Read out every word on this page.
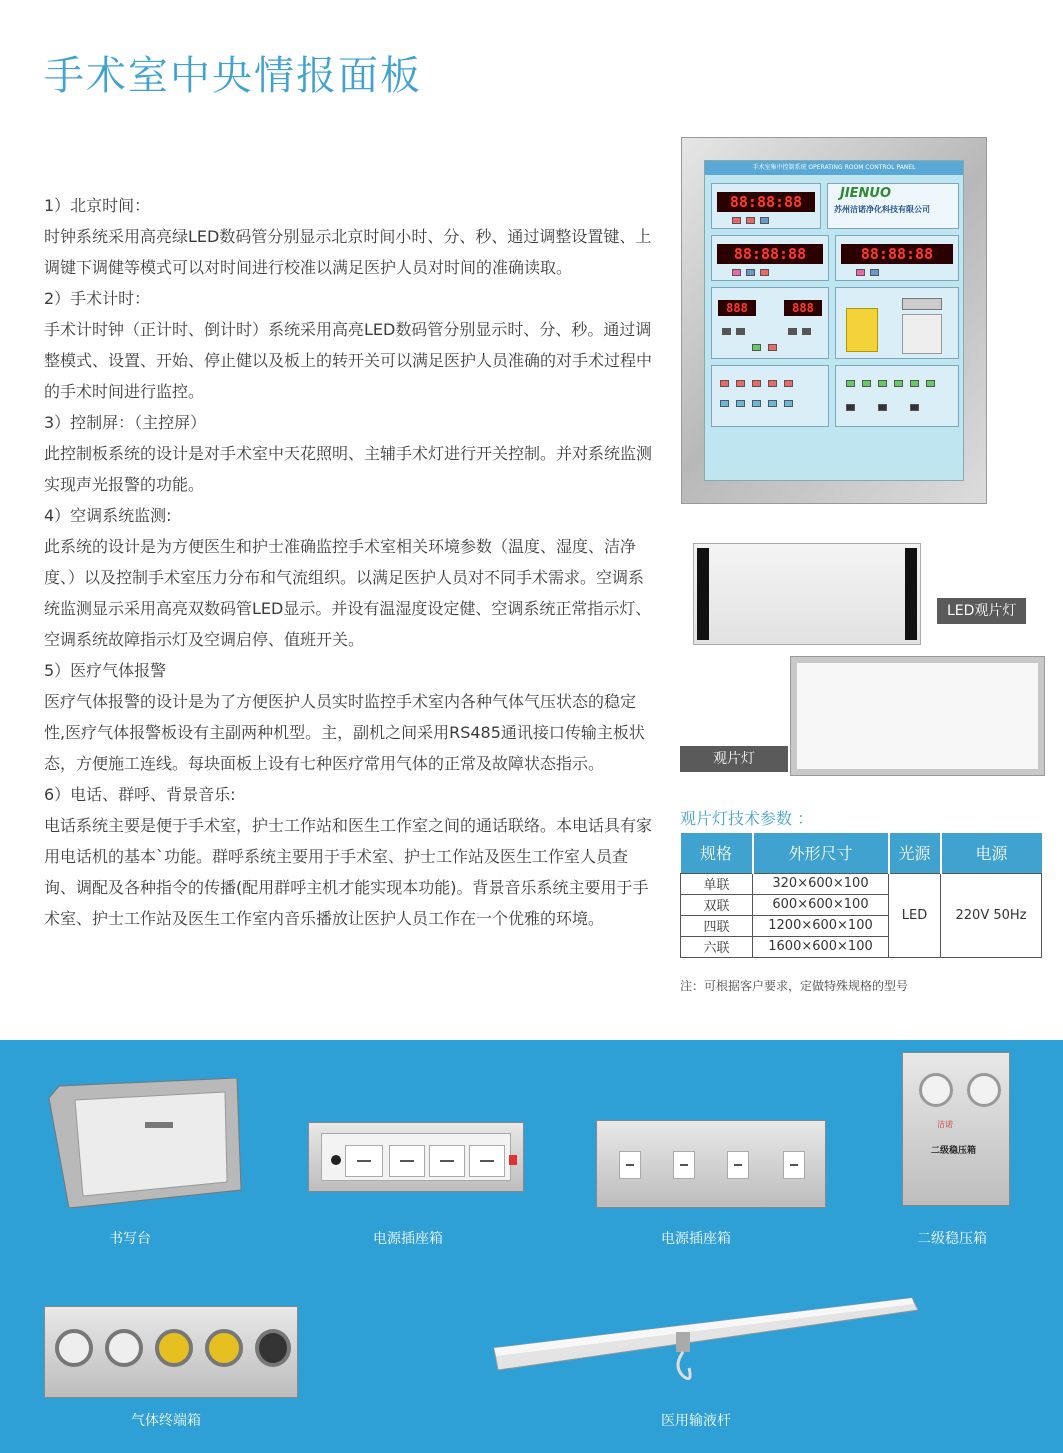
手术室中央情报面板
1）北京时间：
时钟系统采用高亮绿LED数码管分别显示北京时间小时、分、秒、通过调整设置键、上调键下调健等模式可以对时间进行校准以满足医护人员对时间的准确读取。
2）手术计时：
手术计时钟（正计时、倒计时）系统采用高亮LED数码管分别显示时、分、秒。通过调整模式、设置、开始、停止健以及板上的转开关可以满足医护人员准确的对手术过程中的手术时间进行监控。
3）控制屏：（主控屏）
此控制板系统的设计是对手术室中天花照明、主辅手术灯进行开关控制。并对系统监测实现声光报警的功能。
4）空调系统监测:
此系统的设计是为方便医生和护士准确监控手术室相关环境参数（温度、湿度、洁净度、）以及控制手术室压力分布和气流组织。以满足医护人员对不同手术需求。空调系统监测显示采用高亮双数码管LED显示。并设有温湿度设定健、空调系统正常指示灯、空调系统故障指示灯及空调启停、值班开关。
5）医疗气体报警
医疗气体报警的设计是为了方便医护人员实时监控手术室内各种气体气压状态的稳定性,医疗气体报警板设有主副两种机型。主，副机之间采用RS485通讯接口传输主板状态，方便施工连线。每块面板上设有七种医疗常用气体的正常及故障状态指示。
6）电话、群呼、背景音乐:
电话系统主要是便于手术室，护士工作站和医生工作室之间的通话联络。本电话具有家用电话机的基本`功能。群呼系统主要用于手术室、护士工作站及医生工作室人员查询、调配及各种指令的传播(配用群呼主机才能实现本功能)。背景音乐系统主要用于手术室、护士工作站及医生工作室内音乐播放让医护人员工作在一个优雅的环境。
手术室集中控制系统 OPERATING ROOM CONTROL PANEL
88:88:88	JIENUO
苏州洁诺净化科技有限公司
88:88:88	88:88:88
888	888
LED观片灯
观片灯
观片灯技术参数 ：
规格	外形尺寸	光源	电源
单联	320×600×100	LED	220V 50Hz
双联	600×600×100		
四联	1200×600×100		
六联	1600×600×100		
注：可根据客户要求，定做特殊规格的型号
书写台	电源插座箱	电源插座箱
洁诺
二级稳压箱
二级稳压箱
气体终端箱	医用输液杆
